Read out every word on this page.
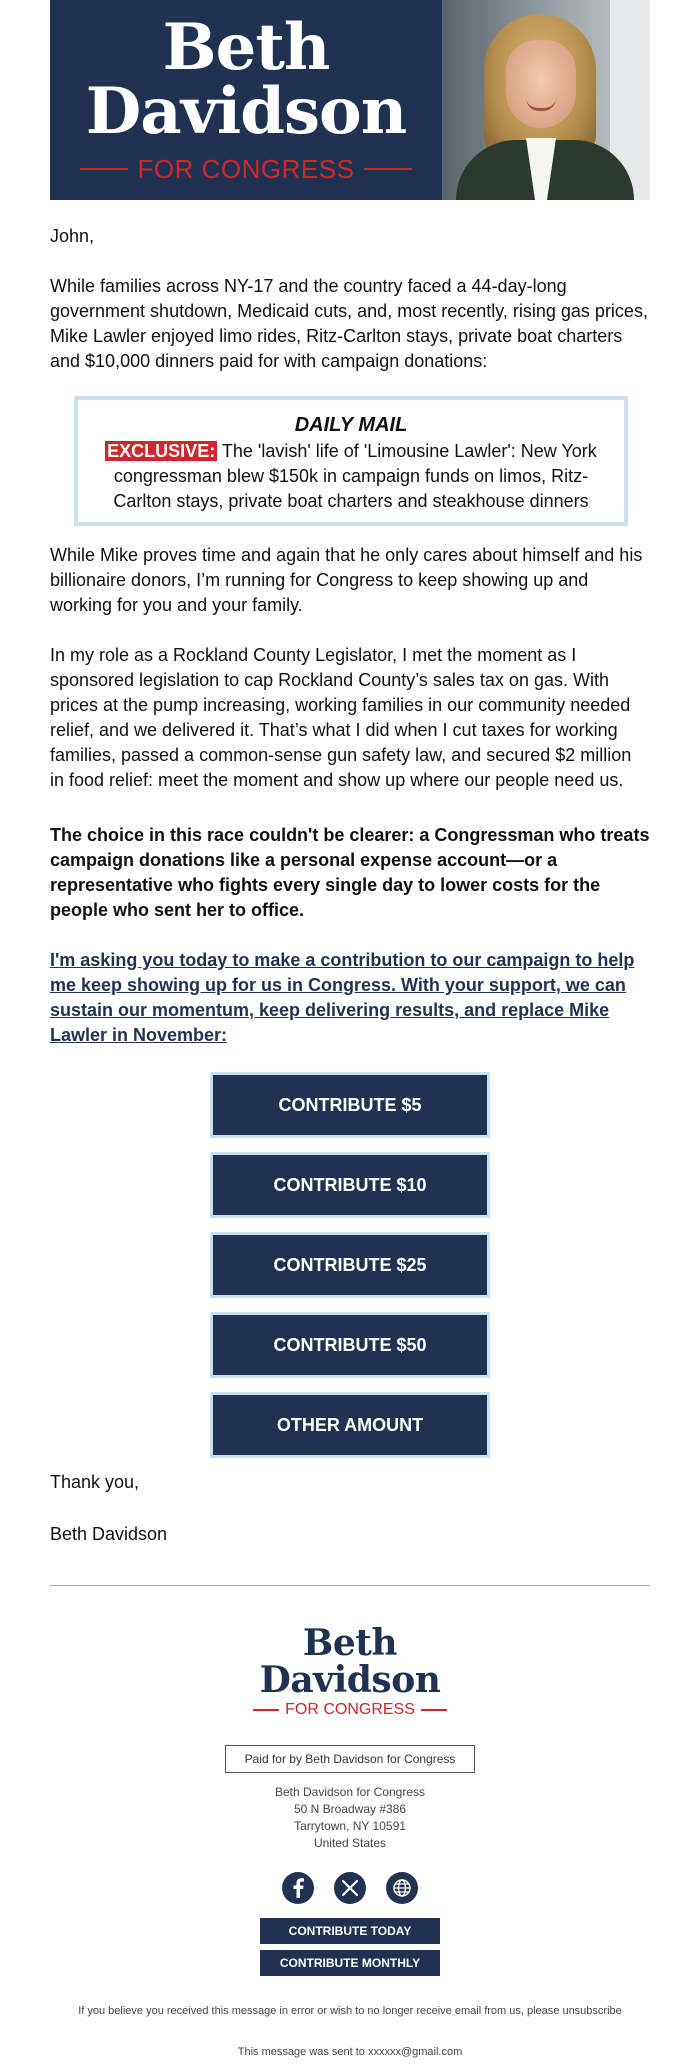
Beth
Davidson
FOR CONGRESS

John,

While families across NY-17 and the country faced a 44-day-long government shutdown, Medicaid cuts, and, most recently, rising gas prices, Mike Lawler enjoyed limo rides, Ritz-Carlton stays, private boat charters and $10,000 dinners paid for with campaign donations:

DAILY MAIL
EXCLUSIVE: The 'lavish' life of 'Limousine Lawler': New York congressman blew $150k in campaign funds on limos, Ritz-Carlton stays, private boat charters and steakhouse dinners

While Mike proves time and again that he only cares about himself and his billionaire donors, I’m running for Congress to keep showing up and working for you and your family.

In my role as a Rockland County Legislator, I met the moment as I sponsored legislation to cap Rockland County’s sales tax on gas. With prices at the pump increasing, working families in our community needed relief, and we delivered it. That’s what I did when I cut taxes for working families, passed a common-sense gun safety law, and secured $2 million in food relief: meet the moment and show up where our people need us.

The choice in this race couldn't be clearer: a Congressman who treats campaign donations like a personal expense account—or a representative who fights every single day to lower costs for the people who sent her to office.

I'm asking you today to make a contribution to our campaign to help me keep showing up for us in Congress. With your support, we can sustain our momentum, keep delivering results, and replace Mike Lawler in November:

CONTRIBUTE $5
CONTRIBUTE $10
CONTRIBUTE $25
CONTRIBUTE $50
OTHER AMOUNT

Thank you,

Beth Davidson

Beth
Davidson
FOR CONGRESS
Paid for by Beth Davidson for Congress
Beth Davidson for Congress
50 N Broadway #386
Tarrytown, NY 10591
United States
CONTRIBUTE TODAY
CONTRIBUTE MONTHLY
If you believe you received this message in error or wish to no longer receive email from us, please unsubscribe
This message was sent to xxxxxx@gmail.com
